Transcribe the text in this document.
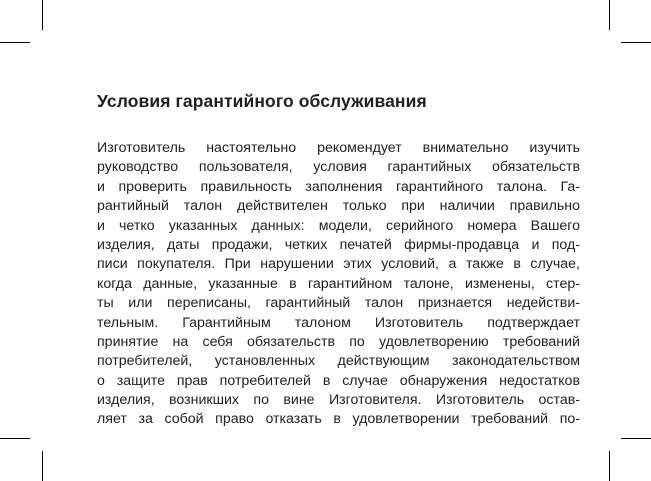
Условия гарантийного обслуживания
Изготовитель настоятельно рекомендует внимательно изучить
руководство пользователя, условия гарантийных обязательств
и проверить правильность заполнения гарантийного талона. Га-
рантийный талон действителен только при наличии правильно
и четко указанных данных: модели, серийного номера Вашего
изделия, даты продажи, четких печатей фирмы-продавца и под-
писи покупателя. При нарушении этих условий, а также в случае,
когда данные, указанные в гарантийном талоне, изменены, стер-
ты или переписаны, гарантийный талон признается недействи-
тельным. Гарантийным талоном Изготовитель подтверждает
принятие на себя обязательств по удовлетворению требований
потребителей, установленных действующим законодательством
о защите прав потребителей в случае обнаружения недостатков
изделия, возникших по вине Изготовителя. Изготовитель остав-
ляет за собой право отказать в удовлетворении требований по-
